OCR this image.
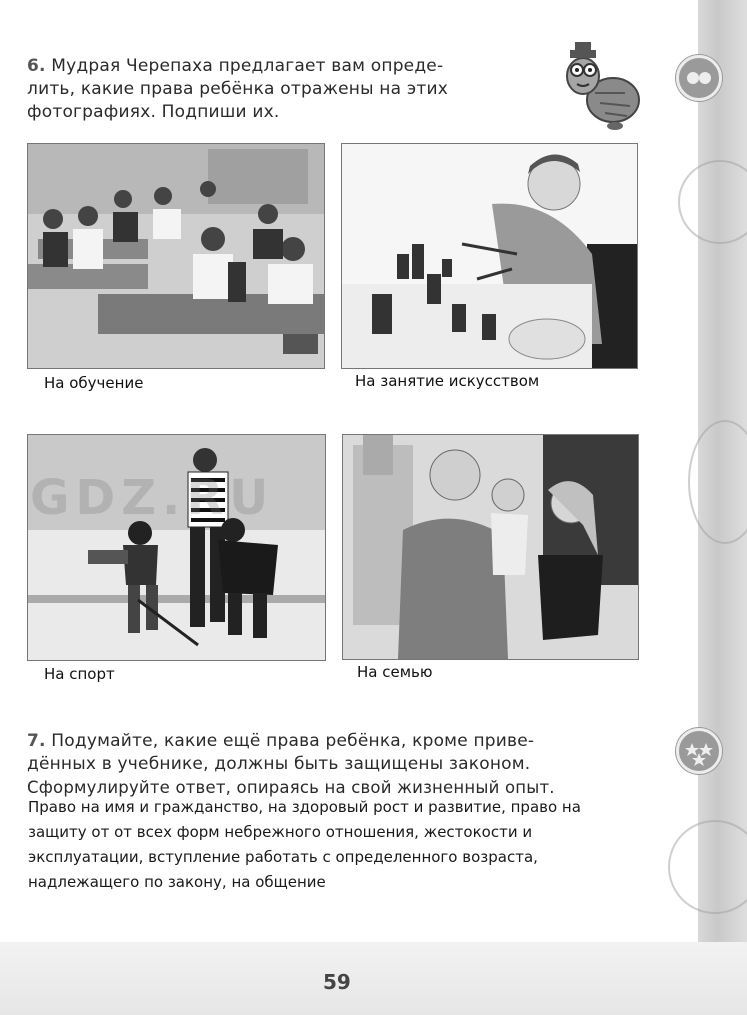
6. Мудрая Черепаха предлагает вам опреде-
лить, какие права ребёнка отражены на этих
фотографиях. Подпиши их.
На обучение	На занятие искусством
На спорт	На семью
GDZ.RU
7. Подумайте, какие ещё права ребёнка, кроме приве-
дённых в учебнике, должны быть защищены законом.
Сформулируйте ответ, опираясь на свой жизненный опыт.
Право на имя и гражданство, на здоровый рост и развитие, право на
защиту от от всех форм небрежного отношения, жестокости и
эксплуатации, вступление работать с определенного возраста,
надлежащего по закону, на общение
59
